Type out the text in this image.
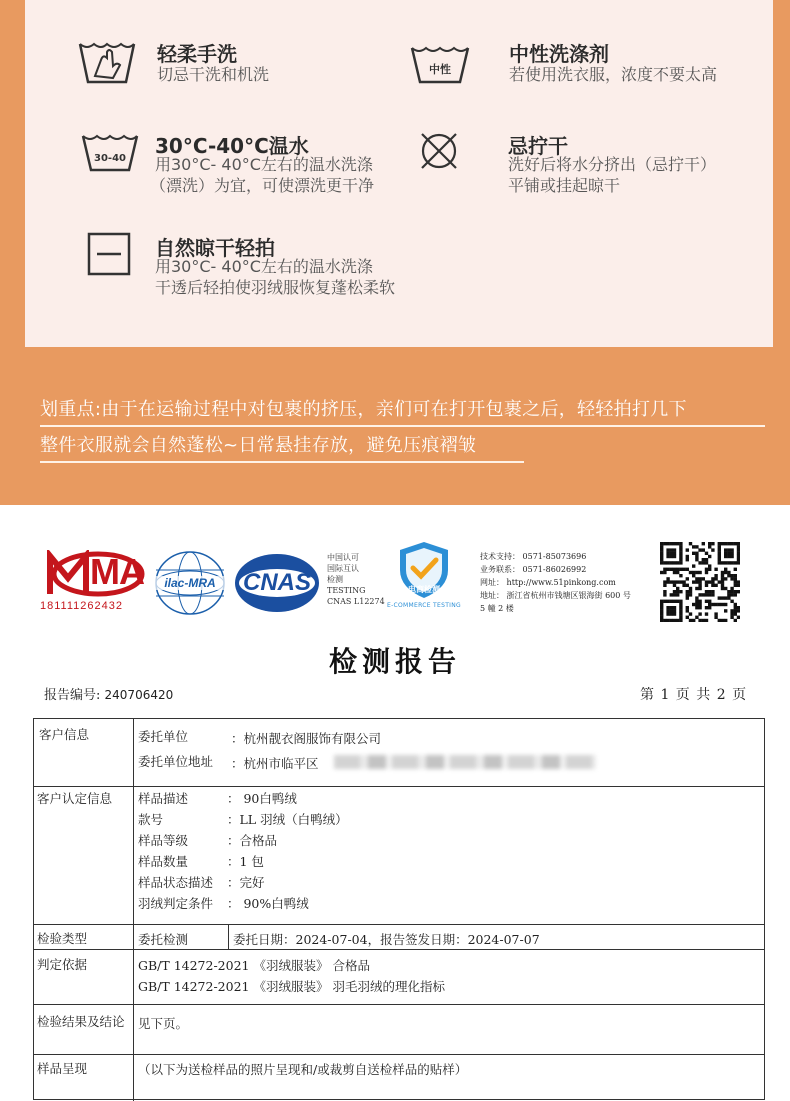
轻柔手洗
切忌干洗和机洗	中性
中性洗涤剂
若使用洗衣服，浓度不要太高
30-40
30°C-40°C温水
用30°C- 40°C左右的温水洗涤
（漂洗）为宜，可使漂洗更干净
忌拧干
洗好后将水分挤出（忌拧干）
平铺或挂起晾干
自然晾干轻拍
用30°C- 40°C左右的温水洗涤
干透后轻拍使羽绒服恢复蓬松柔软
划重点:由于在运输过程中对包裹的挤压，亲们可在打开包裹之后，轻轻拍打几下
整件衣服就会自然蓬松~日常悬挂存放，避免压痕褶皱
MA
181111262432
ilac-MRA	CNAS
中国认可
国际互认
检测
TESTING
CNAS L12274
电商检测
E-COMMERCE TESTING
技术支持： 0571-85073696
业务联系： 0571-86026992
网址： http://www.51pinkong.com
地址： 浙江省杭州市钱塘区银海街 600 号
5 幢 2 楼
检测报告
报告编号: 240706420	第 1 页 共 2 页
客户信息	委托单位	：杭州靓衣阁服饰有限公司
委托单位地址 ：杭州市临平区
客户认定信息 样品描述	： 90白鸭绒
款号	：LL 羽绒（白鸭绒）
样品等级	：合格品
样品数量	：1 包
样品状态描述 ：完好
羽绒判定条件 ： 90%白鸭绒
检验类型	委托检测	委托日期：2024-07-04，报告签发日期：2024-07-07
判定依据	GB/T 14272-2021 《羽绒服装》 合格品
GB/T 14272-2021 《羽绒服装》 羽毛羽绒的理化指标
检验结果及结论	见下页。
样品呈现	（以下为送检样品的照片呈现和/或裁剪自送检样品的贴样）
